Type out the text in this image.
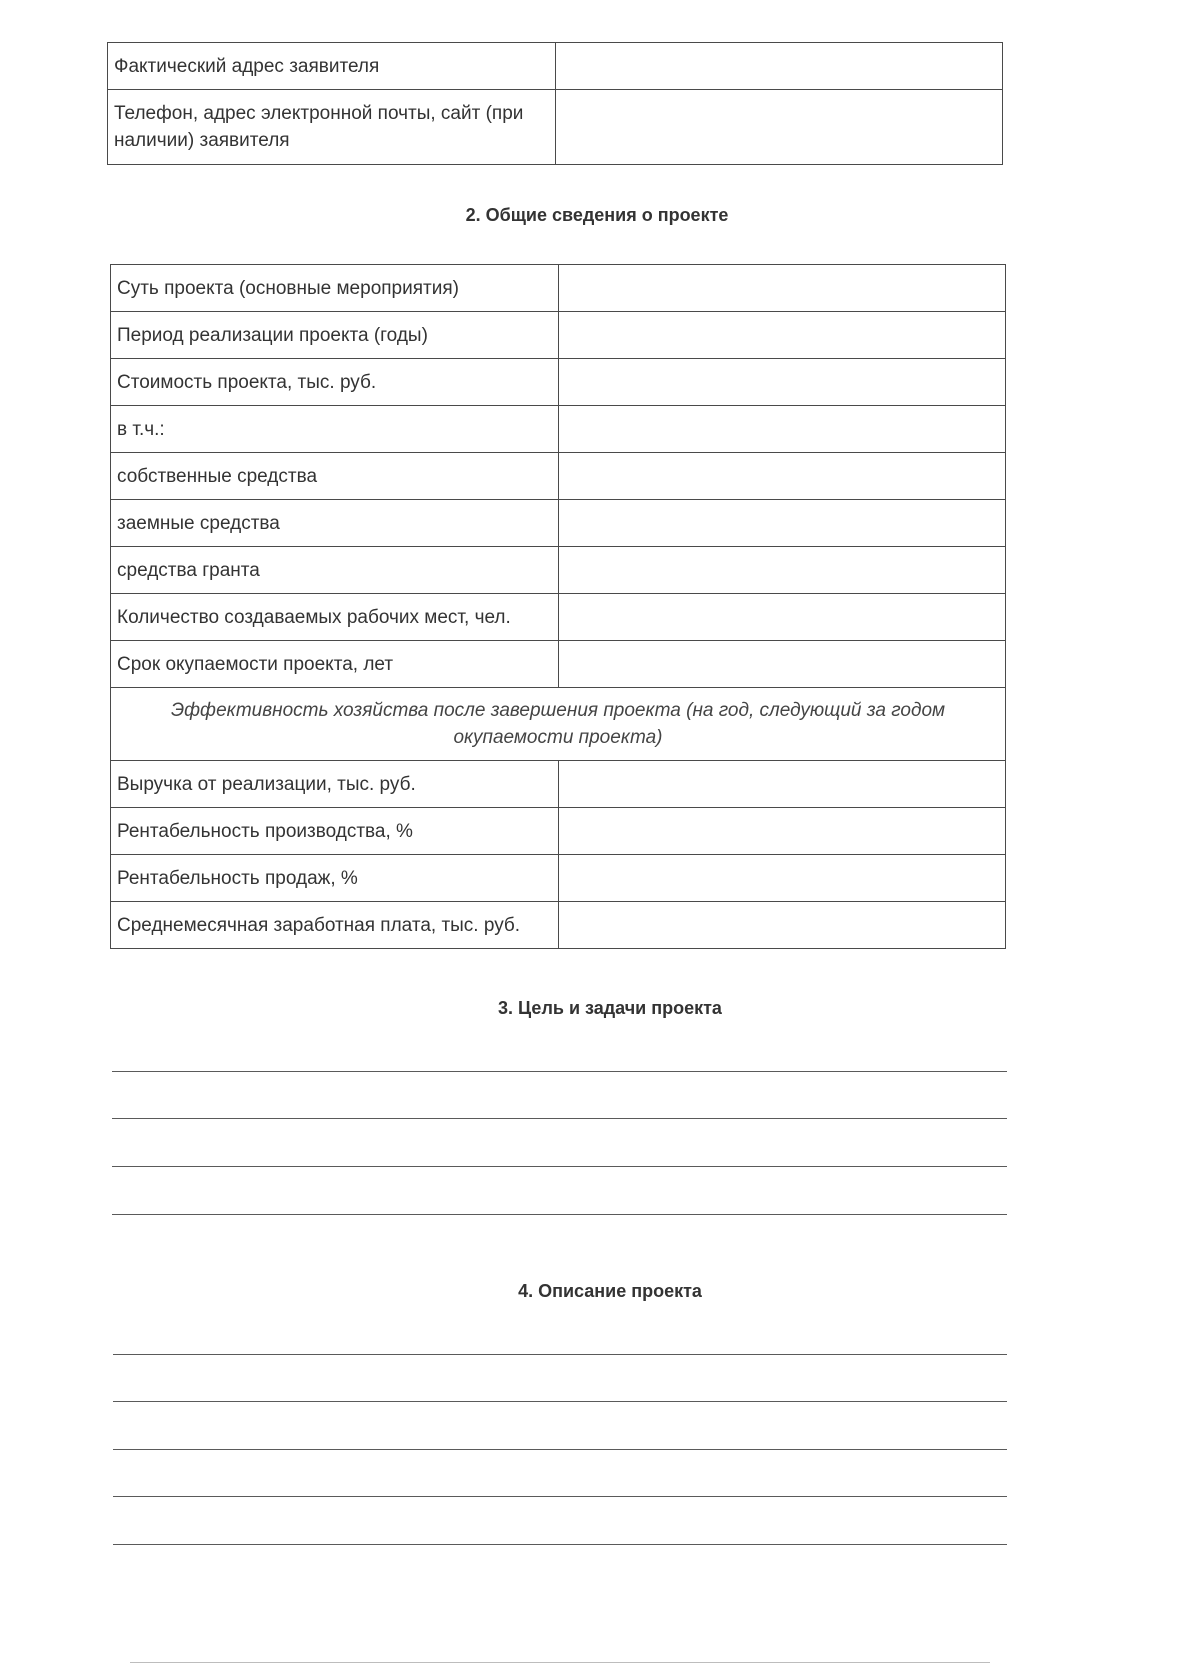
Фактический адрес заявителя	
Телефон, адрес электронной почты, сайт (при наличии) заявителя	
2. Общие сведения о проекте
Суть проекта (основные мероприятия)	
Период реализации проекта (годы)	
Стоимость проекта, тыс. руб.	
в т.ч.:	
собственные средства	
заемные средства	
средства гранта	
Количество создаваемых рабочих мест, чел.	
Срок окупаемости проекта, лет	
Эффективность хозяйства после завершения проекта (на год, следующий за годом окупаемости проекта)	
Выручка от реализации, тыс. руб.	
Рентабельность производства, %	
Рентабельность продаж, %	
Среднемесячная заработная плата, тыс. руб.	
3. Цель и задачи проекта
4. Описание проекта
